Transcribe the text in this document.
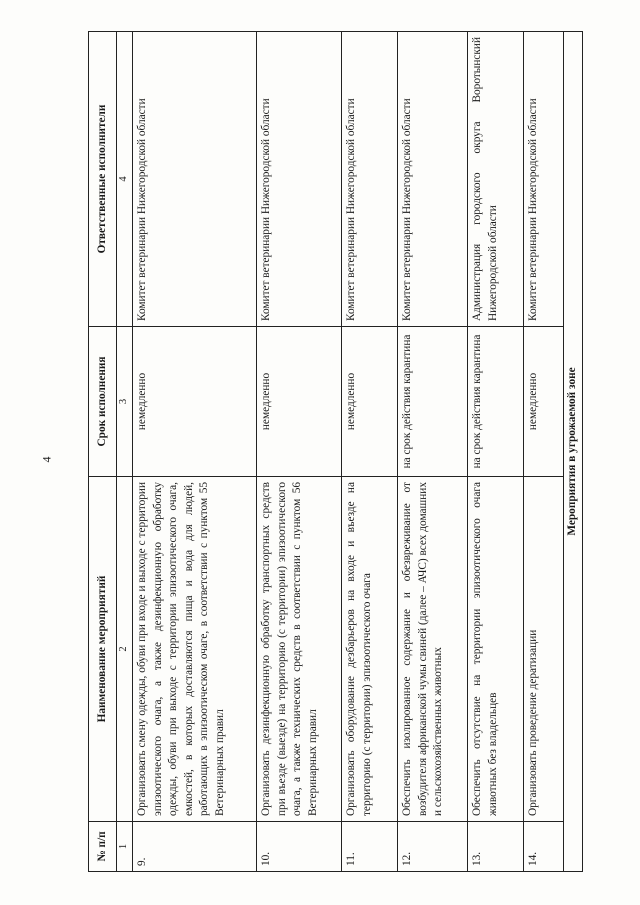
4
№ п/п	Наименование мероприятий	Срок исполнения	Ответственные исполнители
1	2	3	4
9.	Организовать смену одежды, обуви при входе и выходе с территории эпизоотического очага, а также дезинфекционную обработку одежды, обуви при выходе с территории эпизоотического очага, емкостей, в которых доставляются пища и вода для людей, работающих в эпизоотическом очаге, в соответствии с пунктом 55 Ветеринарных правил	немедленно	Комитет ветеринарии Нижегородской области
10.	Организовать дезинфекционную обработку транспортных средств при въезде (выезде) на территорию (с территории) эпизоотического очага, а также технических средств в соответствии с пунктом 56 Ветеринарных правил	немедленно	Комитет ветеринарии Нижегородской области
11.	Организовать оборудование дезбарьеров на входе и въезде на территорию (с территории) эпизоотического очага	немедленно	Комитет ветеринарии Нижегородской области
12.	Обеспечить изолированное содержание и обезвреживание от возбудителя африканской чумы свиней (далее – АЧС) всех домашних и сельскохозяйственных животных	на срок действия карантина	Комитет ветеринарии Нижегородской области
13.	Обеспечить отсутствие на территории эпизоотического очага животных без владельцев	на срок действия карантина	Администрация городского округа Воротынский Нижегородской области
14.	Организовать проведение дератизации	немедленно	Комитет ветеринарии Нижегородской области
Мероприятия в угрожаемой зоне			
